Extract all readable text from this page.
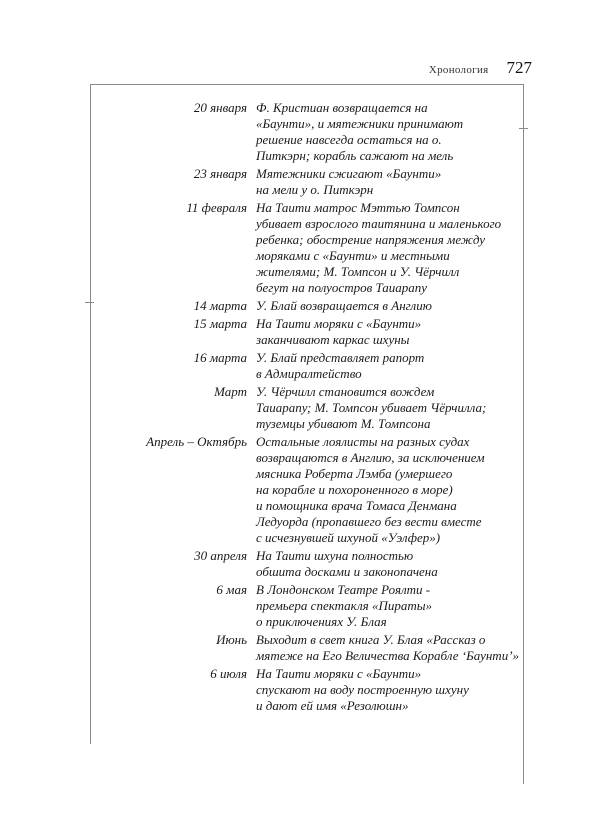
Хронология 727
20 января Ф. Кристиан возвращается на
«Баунти», и мятежники принимают
решение навсегда остаться на о.
Питкэрн; корабль сажают на мель
23 января Мятежники сжигают «Баунти»
на мели у о. Питкэрн
11 февраля На Таити матрос Мэттью Томпсон
убивает взрослого таитянина и маленького
ребенка; обострение напряжения между
моряками с «Баунти» и местными
жителями; М. Томпсон и У. Чёрчилл
бегут на полуостров Таиарапу
14 марта У. Блай возвращается в Англию
15 марта На Таити моряки с «Баунти»
заканчивают каркас шхуны
16 марта У. Блай представляет рапорт
в Адмиралтейство
Март У. Чёрчилл становится вождем
Таиарапу; М. Томпсон убивает Чёрчилла;
туземцы убивают М. Томпсона
Апрель – Октябрь Остальные лоялисты на разных судах
возвращаются в Англию, за исключением
мясника Роберта Лэмба (умершего
на корабле и похороненного в море)
и помощника врача Томаса Денмана
Ледуорда (пропавшего без вести вместе
с исчезнувшей шхуной «Уэлфер»)
30 апреля На Таити шхуна полностью
обшита досками и законопачена
6 мая В Лондонском Театре Роялти -
премьера спектакля «Пираты»
о приключениях У. Блая
Июнь Выходит в свет книга У. Блая «Рассказ о
мятеже на Его Величества Корабле ‘Баунти’»
6 июля На Таити моряки с «Баунти»
спускают на воду построенную шхуну
и дают ей имя «Резолюшн»
